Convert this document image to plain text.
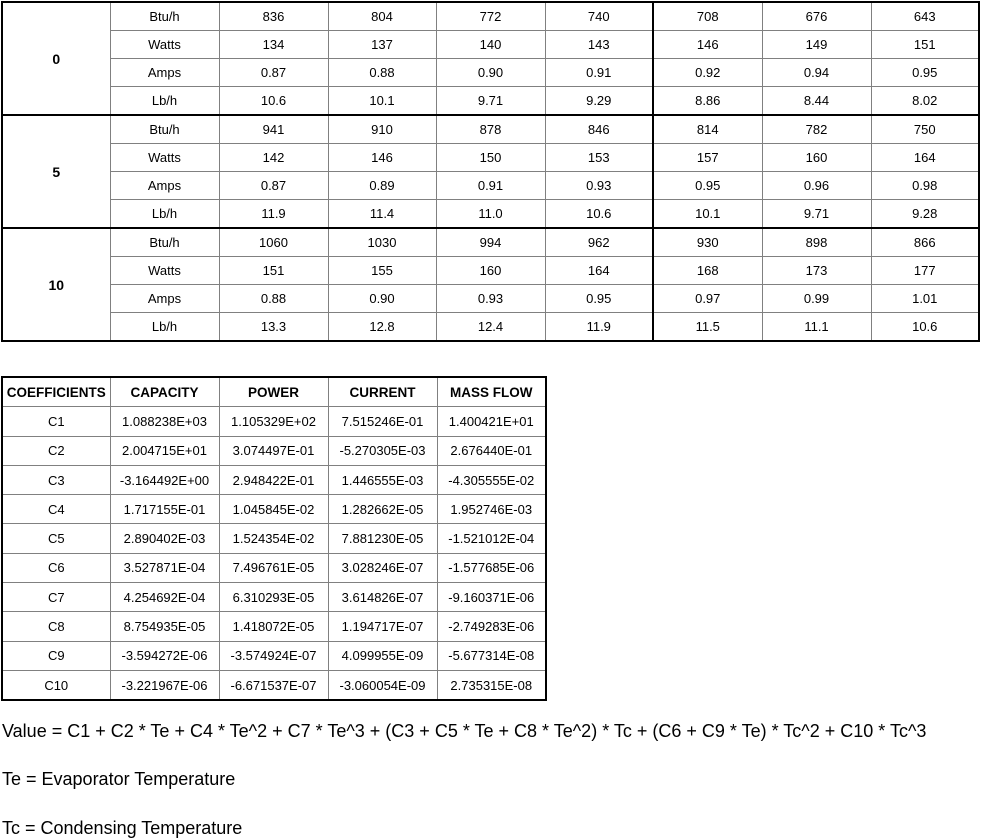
0	Btu/h	836	804	772	740	708	676	643
	Watts	134	137	140	143	146	149	151
	Amps	0.87	0.88	0.90	0.91	0.92	0.94	0.95
	Lb/h	10.6	10.1	9.71	9.29	8.86	8.44	8.02
5	Btu/h	941	910	878	846	814	782	750
	Watts	142	146	150	153	157	160	164
	Amps	0.87	0.89	0.91	0.93	0.95	0.96	0.98
	Lb/h	11.9	11.4	11.0	10.6	10.1	9.71	9.28
10	Btu/h	1060	1030	994	962	930	898	866
	Watts	151	155	160	164	168	173	177
	Amps	0.88	0.90	0.93	0.95	0.97	0.99	1.01
	Lb/h	13.3	12.8	12.4	11.9	11.5	11.1	10.6
COEFFICIENTS	CAPACITY	POWER	CURRENT	MASS FLOW
C1	1.088238E+03	1.105329E+02	7.515246E-01	1.400421E+01
C2	2.004715E+01	3.074497E-01	-5.270305E-03	2.676440E-01
C3	-3.164492E+00	2.948422E-01	1.446555E-03	-4.305555E-02
C4	1.717155E-01	1.045845E-02	1.282662E-05	1.952746E-03
C5	2.890402E-03	1.524354E-02	7.881230E-05	-1.521012E-04
C6	3.527871E-04	7.496761E-05	3.028246E-07	-1.577685E-06
C7	4.254692E-04	6.310293E-05	3.614826E-07	-9.160371E-06
C8	8.754935E-05	1.418072E-05	1.194717E-07	-2.749283E-06
C9	-3.594272E-06	-3.574924E-07	4.099955E-09	-5.677314E-08
C10	-3.221967E-06	-6.671537E-07	-3.060054E-09	2.735315E-08
Value = C1 + C2 * Te + C4 * Te^2 + C7 * Te^3 + (C3 + C5 * Te + C8 * Te^2) * Tc + (C6 + C9 * Te) * Tc^2 + C10 * Tc^3
Te = Evaporator Temperature
Tc = Condensing Temperature
